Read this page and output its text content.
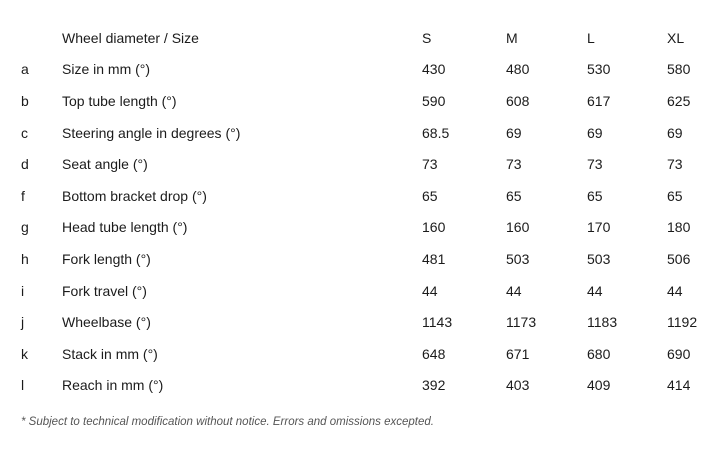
	Wheel diameter / Size	S	M	L	XL
a	Size in mm (°)	430	480	530	580
b	Top tube length (°)	590	608	617	625
c	Steering angle in degrees (°)	68.5	69	69	69
d	Seat angle (°)	73	73	73	73
f	Bottom bracket drop (°)	65	65	65	65
g	Head tube length (°)	160	160	170	180
h	Fork length (°)	481	503	503	506
i	Fork travel (°)	44	44	44	44
j	Wheelbase (°)	1143	1173	1183	1192
k	Stack in mm (°)	648	671	680	690
l	Reach in mm (°)	392	403	409	414
* Subject to technical modification without notice. Errors and omissions excepted.
